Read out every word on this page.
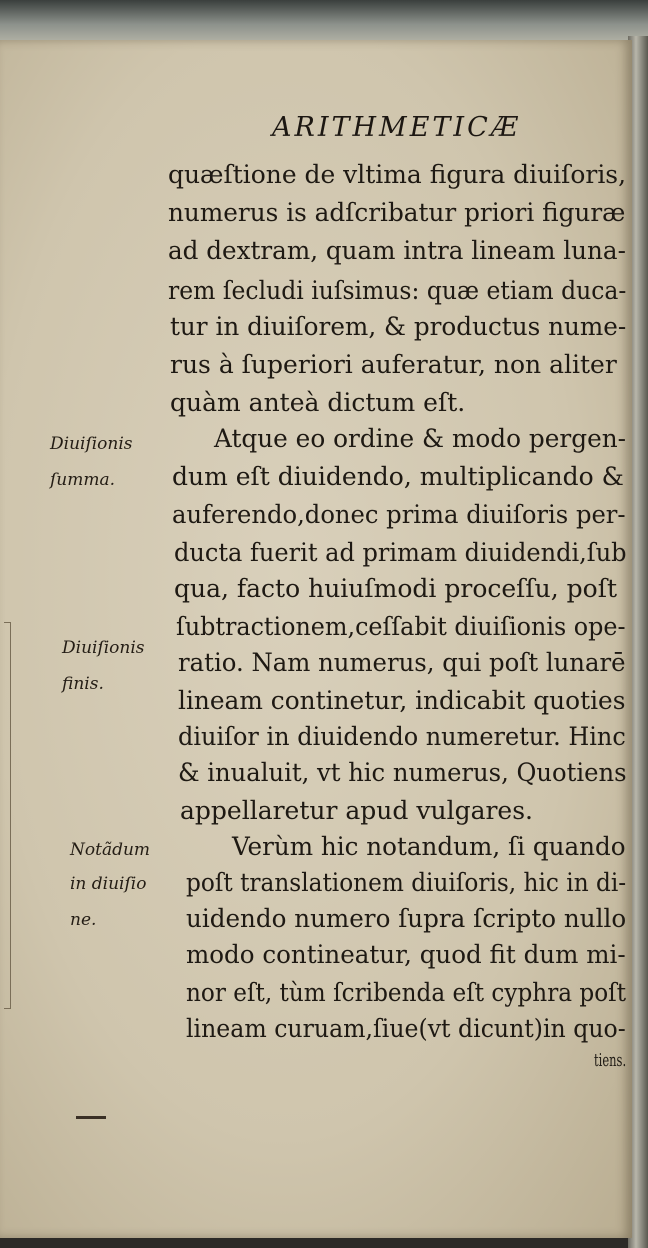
ARITHMETICÆ
quæſtione de vltima figura diuiſoris,
numerus is adſcribatur priori figuræ
ad dextram, quam intra lineam luna-
rem ſecludi iuſsimus: quæ etiam duca-
tur in diuiſorem, & productus nume-
rus à ſuperiori auferatur, non aliter
quàm anteà dictum eſt.
Atque eo ordine & modo pergen-
dum eſt diuidendo, multiplicando &
auferendo,donec prima diuiſoris per-
ducta fuerit ad primam diuidendi,ſub
qua, facto huiuſmodi proceſſu, poſt
ſubtractionem,ceſſabit diuiſionis ope-
ratio. Nam numerus, qui poſt lunarē
lineam continetur, indicabit quoties
diuiſor in diuidendo numeretur. Hinc
& inualuit, vt hic numerus, Quotiens
appellaretur apud vulgares.
Verùm hic notandum, ſi quando
poſt translationem diuiſoris, hic in di-
uidendo numero ſupra ſcripto nullo
modo contineatur, quod fit dum mi-
nor eſt, tùm ſcribenda eſt cyphra poſt
lineam curuam,ſiue(vt dicunt)in quo-
tiens.
Diuiſionis
ſumma.
Diuiſionis
finis.
Notãdum
in diuiſio
ne.
